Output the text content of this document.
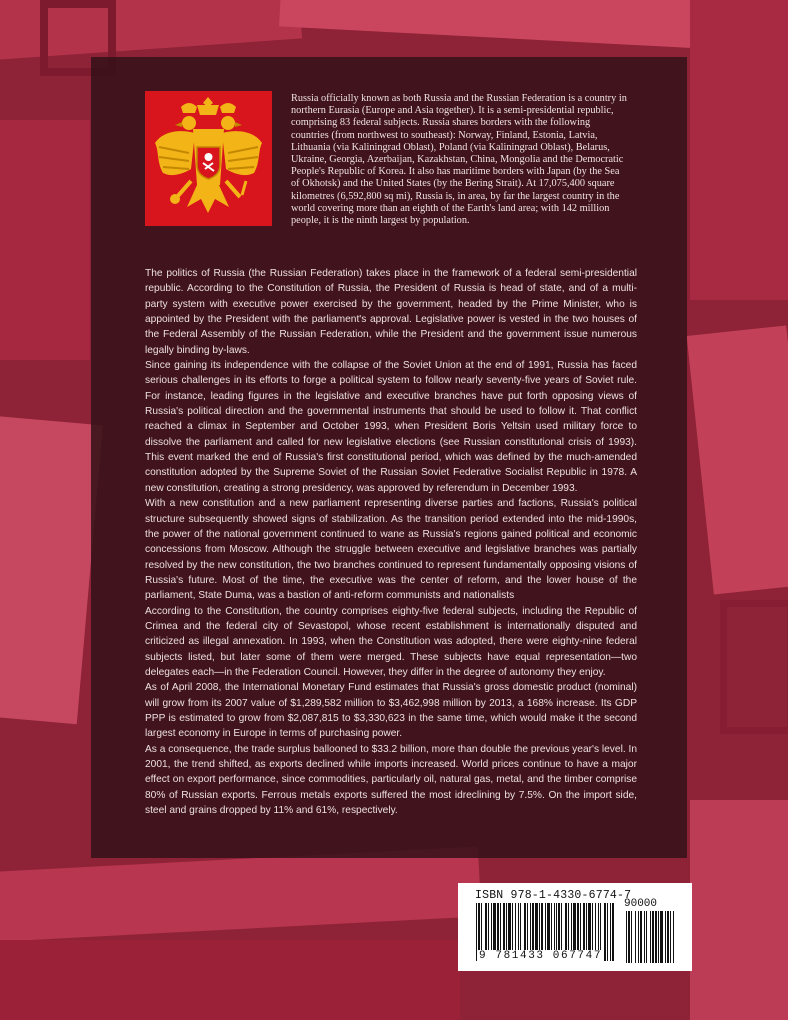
Russia officially known as both Russia and the Russian Federation is a country in northern Eurasia (Europe and Asia together). It is a semi-presidential republic, comprising 83 federal subjects. Russia shares borders with the following countries (from northwest to southeast): Norway, Finland, Estonia, Latvia, Lithuania (via Kaliningrad Oblast), Poland (via Kaliningrad Oblast), Belarus, Ukraine, Georgia, Azerbaijan, Kazakhstan, China, Mongolia and the Democratic People's Republic of Korea. It also has maritime borders with Japan (by the Sea of Okhotsk) and the United States (by the Bering Strait). At 17,075,400 square kilometres (6,592,800 sq mi), Russia is, in area, by far the largest country in the world covering more than an eighth of the Earth's land area; with 142 million people, it is the ninth largest by population.

The politics of Russia (the Russian Federation) takes place in the framework of a federal semi-presidential republic. According to the Constitution of Russia, the President of Russia is head of state, and of a multi-party system with executive power exercised by the government, headed by the Prime Minister, who is appointed by the President with the parliament's approval. Legislative power is vested in the two houses of the Federal Assembly of the Russian Federation, while the President and the government issue numerous legally binding by-laws.

Since gaining its independence with the collapse of the Soviet Union at the end of 1991, Russia has faced serious challenges in its efforts to forge a political system to follow nearly seventy-five years of Soviet rule. For instance, leading figures in the legislative and executive branches have put forth opposing views of Russia's political direction and the governmental instruments that should be used to follow it. That conflict reached a climax in September and October 1993, when President Boris Yeltsin used military force to dissolve the parliament and called for new legislative elections (see Russian constitutional crisis of 1993). This event marked the end of Russia's first constitutional period, which was defined by the much-amended constitution adopted by the Supreme Soviet of the Russian Soviet Federative Socialist Republic in 1978. A new constitution, creating a strong presidency, was approved by referendum in December 1993.

With a new constitution and a new parliament representing diverse parties and factions, Russia's political structure subsequently showed signs of stabilization. As the transition period extended into the mid-1990s, the power of the national government continued to wane as Russia's regions gained political and economic concessions from Moscow. Although the struggle between executive and legislative branches was partially resolved by the new constitution, the two branches continued to represent fundamentally opposing visions of Russia's future. Most of the time, the executive was the center of reform, and the lower house of the parliament, State Duma, was a bastion of anti-reform communists and nationalists

According to the Constitution, the country comprises eighty-five federal subjects, including the Republic of Crimea and the federal city of Sevastopol, whose recent establishment is internationally disputed and criticized as illegal annexation. In 1993, when the Constitution was adopted, there were eighty-nine federal subjects listed, but later some of them were merged. These subjects have equal representation—two delegates each—in the Federation Council. However, they differ in the degree of autonomy they enjoy.

As of April 2008, the International Monetary Fund estimates that Russia's gross domestic product (nominal) will grow from its 2007 value of $1,289,582 million to $3,462,998 million by 2013, a 168% increase. Its GDP PPP is estimated to grow from $2,087,815 to $3,330,623 in the same time, which would make it the second largest economy in Europe in terms of purchasing power.

As a consequence, the trade surplus ballooned to $33.2 billion, more than double the previous year's level. In 2001, the trend shifted, as exports declined while imports increased. World prices continue to have a major effect on export performance, since commodities, particularly oil, natural gas, metal, and the timber comprise 80% of Russian exports. Ferrous metals exports suffered the most idreclining by 7.5%. On the import side, steel and grains dropped by 11% and 61%, respectively.

ISBN 978-1-4330-6774-7
90000
9 781433 067747
